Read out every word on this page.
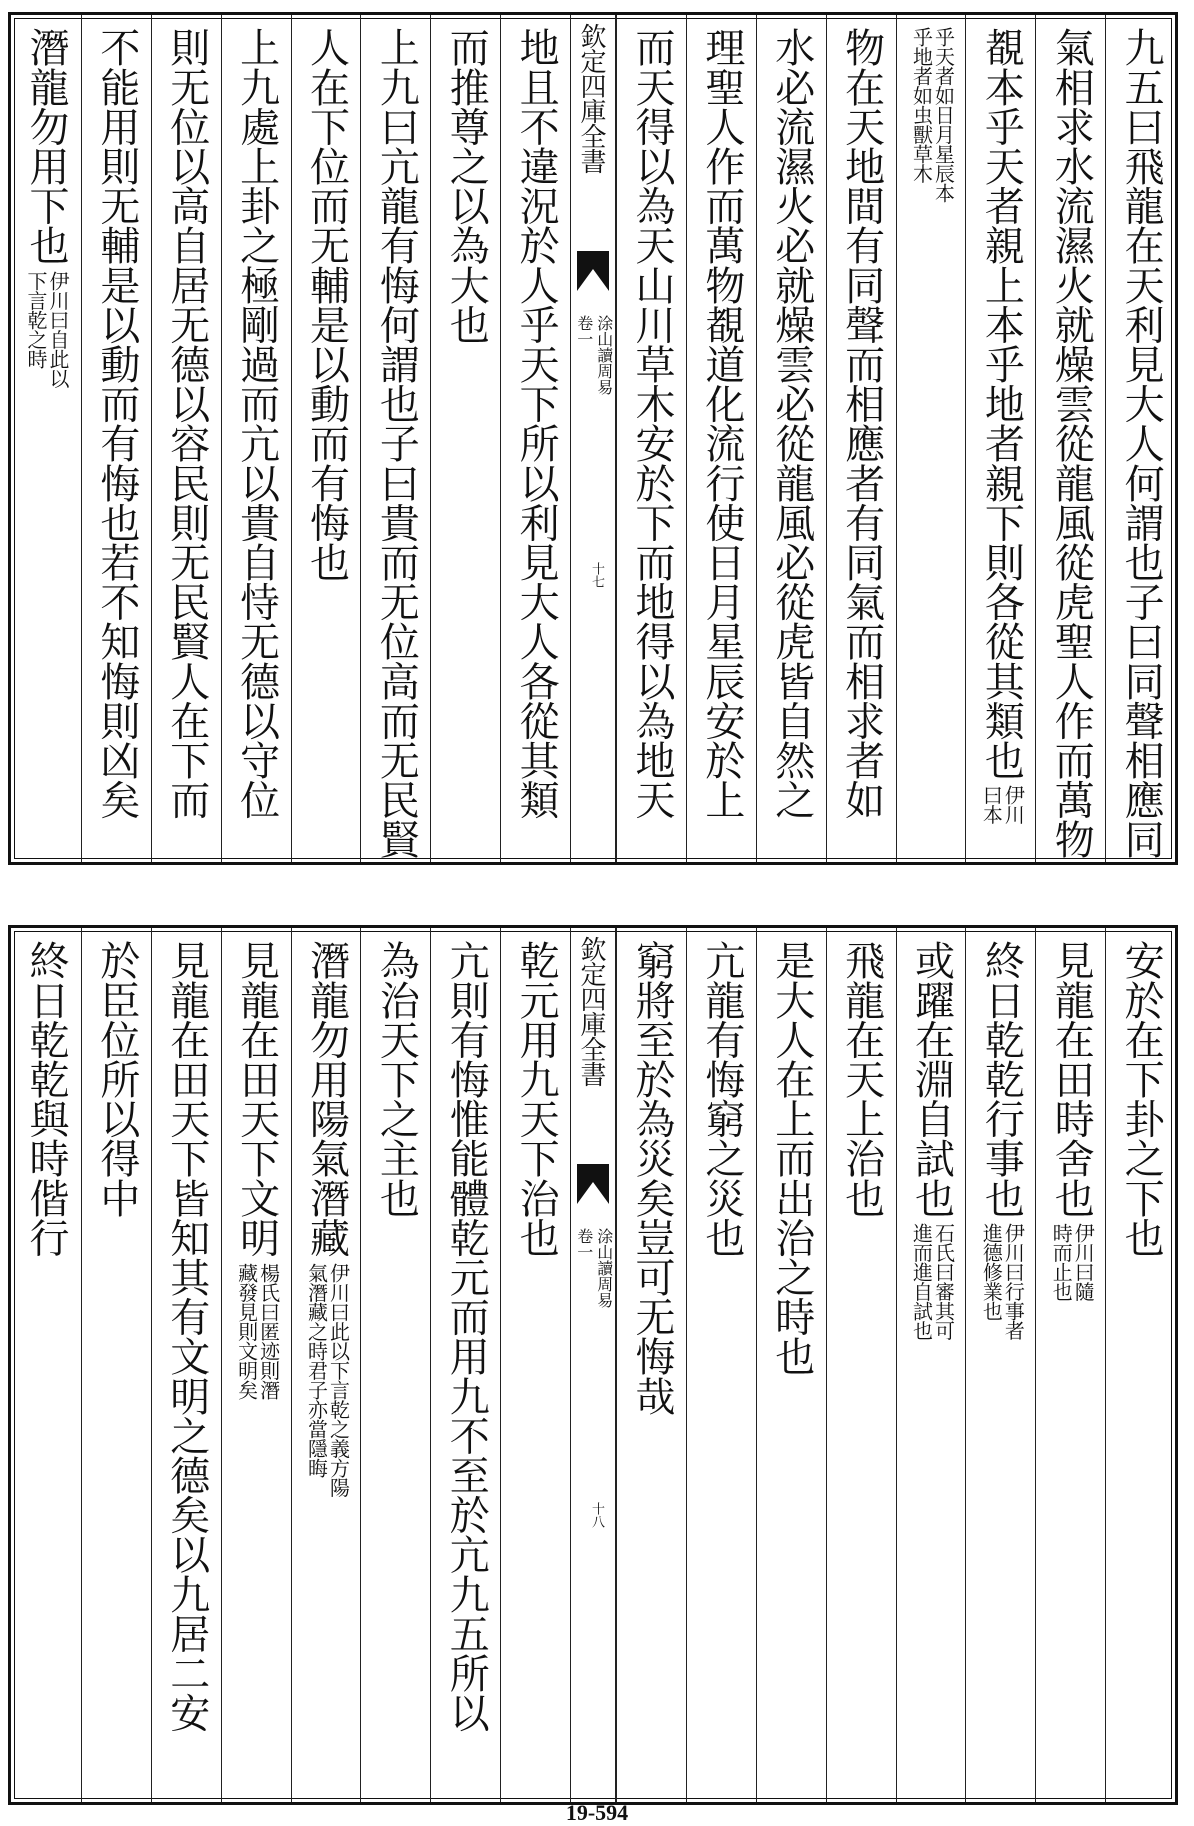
九五曰飛龍在天利見大人何謂也子曰同聲相應同
氣相求水流濕火就燥雲從龍風從虎聖人作而萬物
覩本乎天者親上本乎地者親下則各從其類也
伊川
曰本
乎天者如日月星辰本
乎地者如虫獸草木
物在天地間有同聲而相應者有同氣而相求者如
水必流濕火必就燥雲必從龍風必從虎皆自然之
理聖人作而萬物覩道化流行使日月星辰安於上
而天得以為天山川草木安於下而地得以為地天
欽定四庫全書
涂山讀周易
卷一
十七
地且不違況於人乎天下所以利見大人各從其類
而推尊之以為大也
上九曰亢龍有悔何謂也子曰貴而无位高而无民賢
人在下位而无輔是以動而有悔也
上九處上卦之極剛過而亢以貴自恃无德以守位
則无位以高自居无德以容民則无民賢人在下而
不能用則无輔是以動而有悔也若不知悔則凶矣
潛龍勿用下也
伊川曰自此以
下言乾之時
安於在下卦之下也
見龍在田時舍也
伊川曰隨
時而止也
終日乾乾行事也
伊川曰行事者
進德修業也
或躍在淵自試也
石氏曰審其可
進而進自試也
飛龍在天上治也
是大人在上而出治之時也
亢龍有悔窮之災也
窮將至於為災矣豈可无悔哉
欽定四庫全書
涂山讀周易
卷一
十八
乾元用九天下治也
亢則有悔惟能體乾元而用九不至於亢九五所以
為治天下之主也
潛龍勿用陽氣潛藏
伊川曰此以下言乾之義方陽
氣潛藏之時君子亦當隱晦
見龍在田天下文明
楊氏曰匿迹則潛
藏發見則文明矣
見龍在田天下皆知其有文明之德矣以九居二安
於臣位所以得中
終日乾乾與時偕行
19-594
